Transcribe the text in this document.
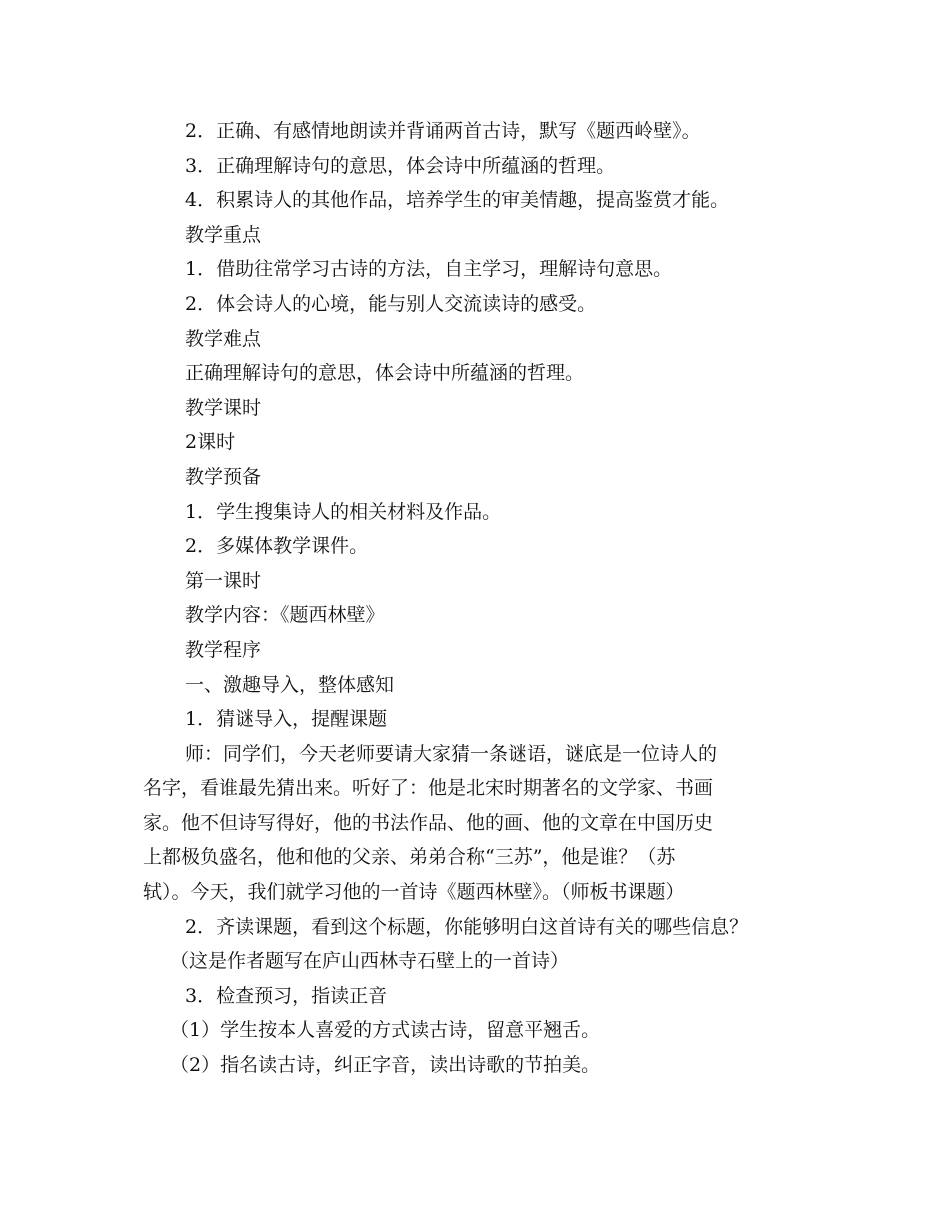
2．正确、有感情地朗读并背诵两首古诗，默写《题西岭壁》。
3．正确理解诗句的意思，体会诗中所蕴涵的哲理。
4．积累诗人的其他作品，培养学生的审美情趣，提高鉴赏才能。
教学重点
1．借助往常学习古诗的方法，自主学习，理解诗句意思。
2．体会诗人的心境，能与别人交流读诗的感受。
教学难点
正确理解诗句的意思，体会诗中所蕴涵的哲理。
教学课时
2课时
教学预备
1．学生搜集诗人的相关材料及作品。
2．多媒体教学课件。
第一课时
教学内容：《题西林壁》
教学程序
一、激趣导入，整体感知
1．猜谜导入，提醒课题
师：同学们，今天老师要请大家猜一条谜语，谜底是一位诗人的
名字，看谁最先猜出来。听好了：他是北宋时期著名的文学家、书画
家。他不但诗写得好，他的书法作品、他的画、他的文章在中国历史
上都极负盛名，他和他的父亲、弟弟合称“三苏”，他是谁？（苏
轼）。今天，我们就学习他的一首诗《题西林壁》。（师板书课题）
2．齐读课题，看到这个标题，你能够明白这首诗有关的哪些信息？
（这是作者题写在庐山西林寺石壁上的一首诗）
3．检查预习，指读正音
（1）学生按本人喜爱的方式读古诗，留意平翘舌。
（2）指名读古诗，纠正字音，读出诗歌的节拍美。
